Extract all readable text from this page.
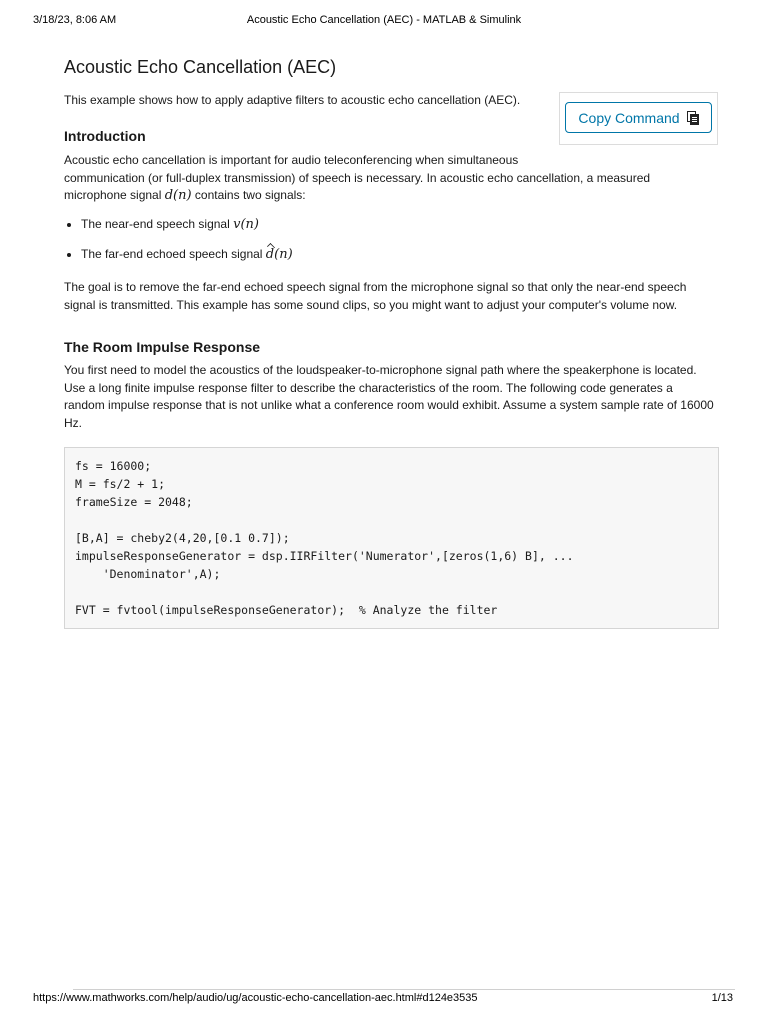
3/18/23, 8:06 AM	Acoustic Echo Cancellation (AEC) - MATLAB & Simulink
Acoustic Echo Cancellation (AEC)

This example shows how to apply adaptive filters to acoustic echo cancellation (AEC).

Copy Command
Introduction

Acoustic echo cancellation is important for audio teleconferencing when simultaneous
communication (or full-duplex transmission) of speech is necessary. In acoustic echo cancellation, a measured
microphone signal d(n) contains two signals:

The near-end speech signal v(n)
The far-end echoed speech signal d(n)

The goal is to remove the far-end echoed speech signal from the microphone signal so that only the near-end speech signal is transmitted. This example has some sound clips, so you might want to adjust your computer's volume now.

The Room Impulse Response

You first need to model the acoustics of the loudspeaker-to-microphone signal path where the speakerphone is located. Use a long finite impulse response filter to describe the characteristics of the room. The following code generates a random impulse response that is not unlike what a conference room would exhibit. Assume a system sample rate of 16000 Hz.

fs = 16000;
M = fs/2 + 1;
frameSize = 2048;

[B,A] = cheby2(4,20,[0.1 0.7]);
impulseResponseGenerator = dsp.IIRFilter('Numerator',[zeros(1,6) B], ...
'Denominator',A);

FVT = fvtool(impulseResponseGenerator);  % Analyze the filter
https://www.mathworks.com/help/audio/ug/acoustic-echo-cancellation-aec.html#d124e3535	1/13
